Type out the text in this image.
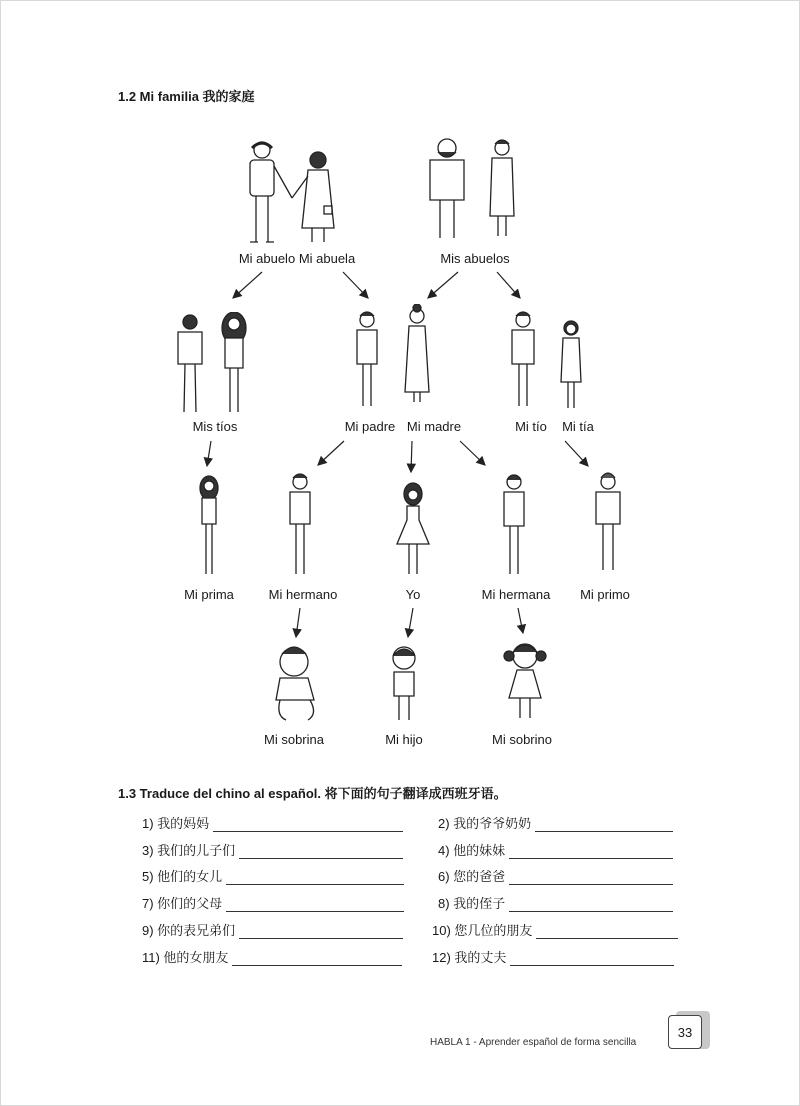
1.2 Mi familia 我的家庭
Mi abuelo Mi abuela	Mis abuelos
Mis tíos	Mi padre Mi madre	Mi tío Mi tía
Mi prima	Mi hermano	Yo	Mi hermana Mi primo
Mi sobrina	Mi hijo	Mi sobrino
1.3 Traduce del chino al español. 将下面的句子翻译成西班牙语。
1) 我的妈妈
3) 我们的儿子们
5) 他们的女儿
7) 你们的父母
9) 你的表兄弟们
11) 他的女朋友
2) 我的爷爷奶奶
4) 他的妹妹
6) 您的爸爸
8) 我的侄子
10) 您几位的朋友
12) 我的丈夫
HABLA 1 - Aprender español de forma sencilla
33
